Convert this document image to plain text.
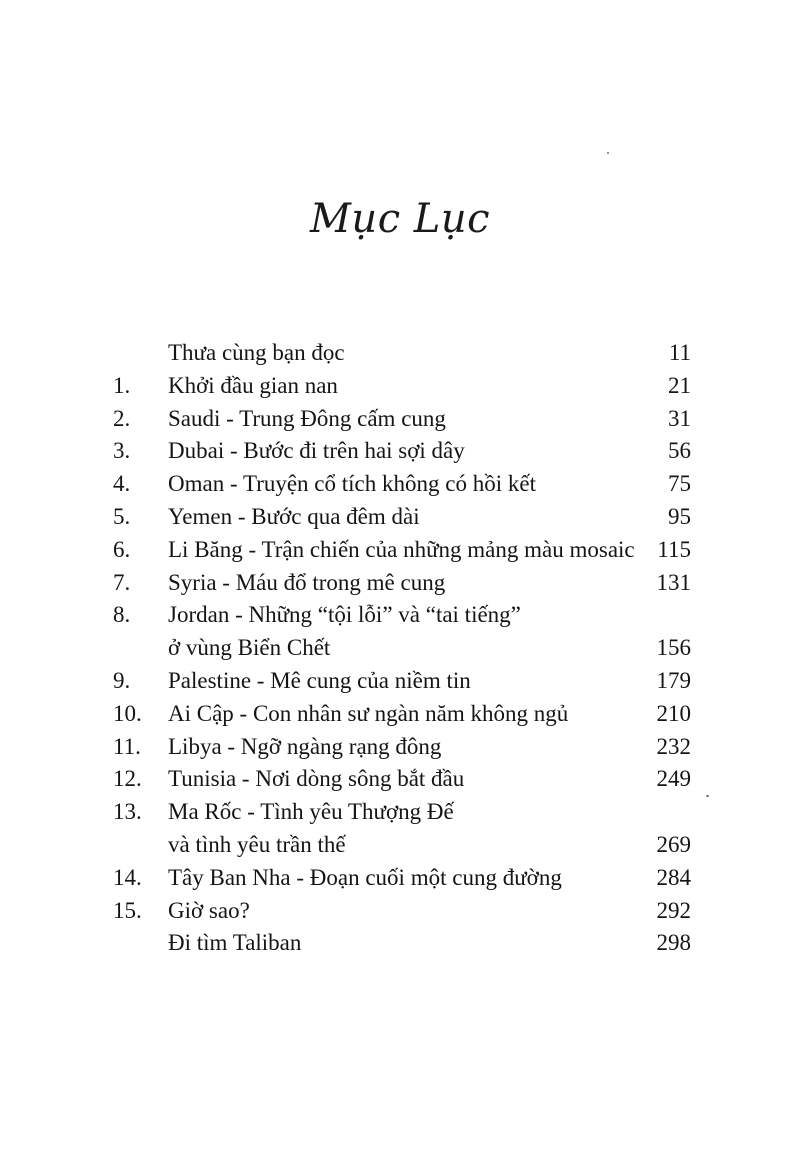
Mục Lục
Thưa cùng bạn đọc	11
1.	Khởi đầu gian nan	21
2.	Saudi - Trung Đông cấm cung	31
3.	Dubai - Bước đi trên hai sợi dây	56
4.	Oman - Truyện cổ tích không có hồi kết	75
5.	Yemen - Bước qua đêm dài	95
6.	Li Băng - Trận chiến của những mảng màu mosaic 115
7.	Syria - Máu đổ trong mê cung	131
8.	Jordan - Những “tội lỗi” và “tai tiếng”
ở vùng Biển Chết	156
9.	Palestine - Mê cung của niềm tin	179
10.	Ai Cập - Con nhân sư ngàn năm không ngủ	210
11.	Libya - Ngỡ ngàng rạng đông	232
12.	Tunisia - Nơi dòng sông bắt đầu	249
13.	Ma Rốc - Tình yêu Thượng Đế
và tình yêu trần thế	269
14.	Tây Ban Nha - Đoạn cuối một cung đường	284
15.	Giờ sao?	292
Đi tìm Taliban	298
